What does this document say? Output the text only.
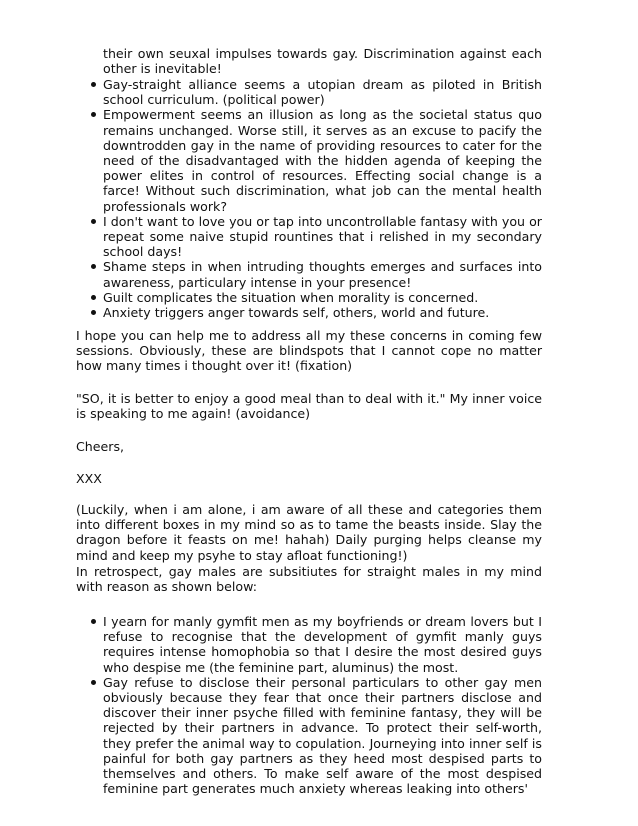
their own seuxal impulses towards gay. Discrimination against each other is inevitable!

Gay-straight alliance seems a utopian dream as piloted in British school curriculum. (political power)
Empowerment seems an illusion as long as the societal status quo remains unchanged. Worse still, it serves as an excuse to pacify the downtrodden gay in the name of providing resources to cater for the need of the disadvantaged with the hidden agenda of keeping the power elites in control of resources. Effecting social change is a farce! Without such discrimination, what job can the mental health professionals work?
I don't want to love you or tap into uncontrollable fantasy with you or repeat some naive stupid rountines that i relished in my secondary school days!
Shame steps in when intruding thoughts emerges and surfaces into awareness, particulary intense in your presence!
Guilt complicates the situation when morality is concerned.
Anxiety triggers anger towards self, others, world and future.

I hope you can help me to address all my these concerns in coming few sessions. Obviously, these are blindspots that I cannot cope no matter how many times i thought over it! (fixation)

"SO, it is better to enjoy a good meal than to deal with it." My inner voice is speaking to me again! (avoidance)

Cheers,

XXX

(Luckily, when i am alone, i am aware of all these and categories them into different boxes in my mind so as to tame the beasts inside. Slay the dragon before it feasts on me! hahah) Daily purging helps cleanse my mind and keep my psyhe to stay afloat functioning!)

In retrospect, gay males are subsitiutes for straight males in my mind with reason as shown below:

I yearn for manly gymfit men as my boyfriends or dream lovers but I refuse to recognise that the development of gymfit manly guys requires intense homophobia so that I desire the most desired guys who despise me (the feminine part, aluminus) the most.
Gay refuse to disclose their personal particulars to other gay men obviously because they fear that once their partners disclose and discover their inner psyche filled with feminine fantasy, they will be rejected by their partners in advance. To protect their self-worth, they prefer the animal way to copulation. Journeying into inner self is painful for both gay partners as they heed most despised parts to themselves and others. To make self aware of the most despised feminine part generates much anxiety whereas leaking into others'
